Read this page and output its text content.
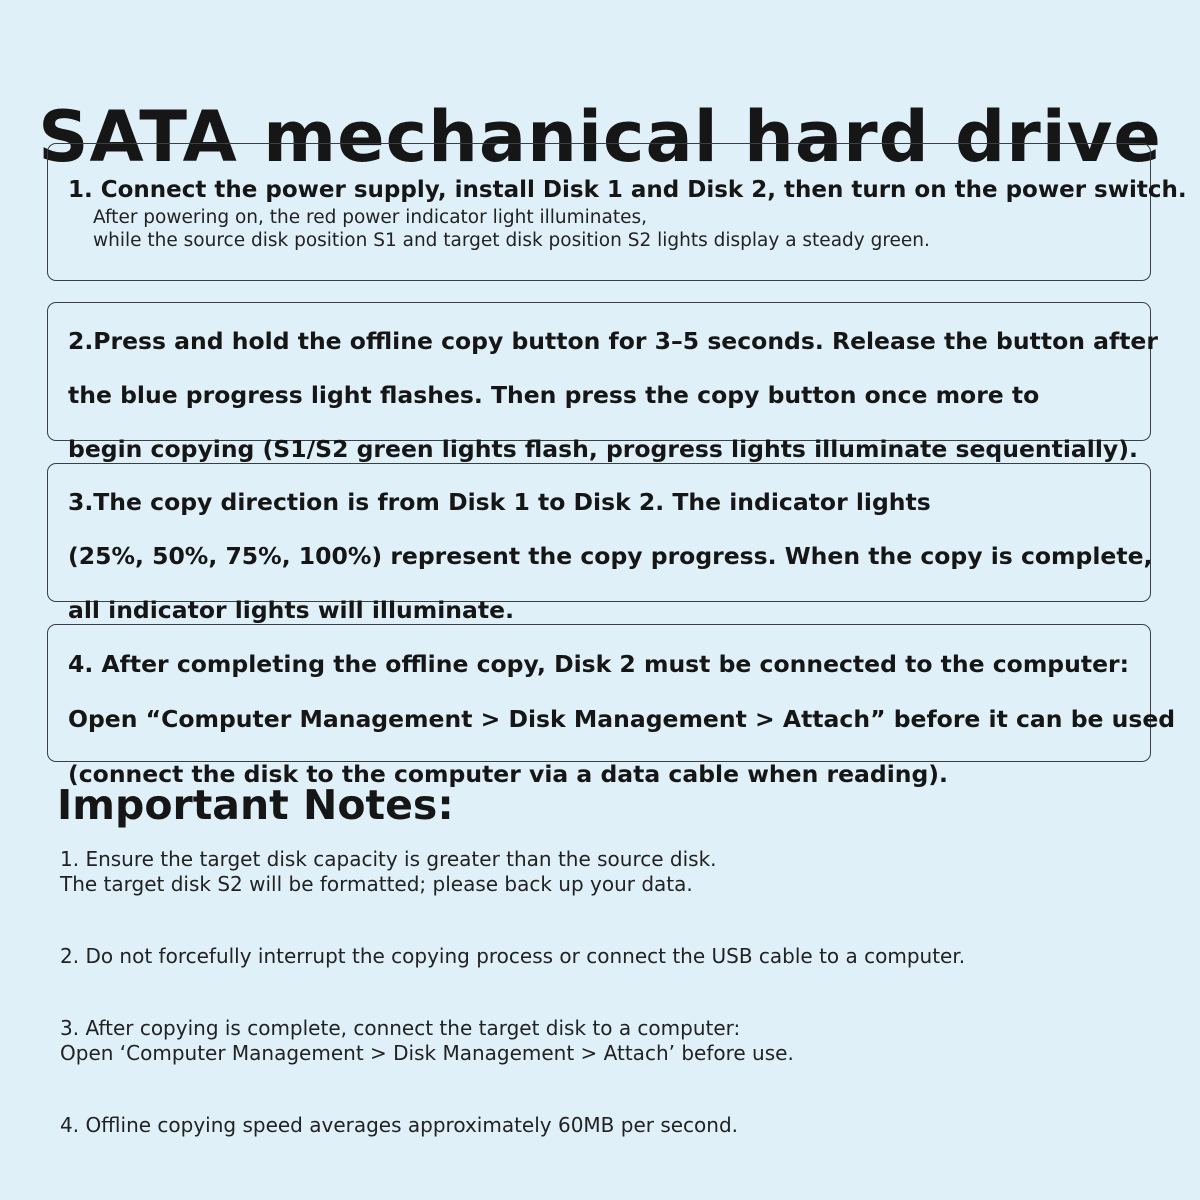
SATA mechanical hard drive

1. Connect the power supply, install Disk 1 and Disk 2, then turn on the power switch.

After powering on, the red power indicator light illuminates,

while the source disk position S1 and target disk position S2 lights display a steady green.

2.Press and hold the offline copy button for 3–5 seconds. Release the button after

the blue progress light flashes. Then press the copy button once more to

begin copying (S1/S2 green lights flash, progress lights illuminate sequentially).

3.The copy direction is from Disk 1 to Disk 2. The indicator lights

(25%, 50%, 75%, 100%) represent the copy progress. When the copy is complete,

all indicator lights will illuminate.

4. After completing the offline copy, Disk 2 must be connected to the computer:

Open “Computer Management > Disk Management > Attach” before it can be used

(connect the disk to the computer via a data cable when reading).

Important Notes:
1. Ensure the target disk capacity is greater than the source disk.
The target disk S2 will be formatted; please back up your data.
2. Do not forcefully interrupt the copying process or connect the USB cable to a computer.
3. After copying is complete, connect the target disk to a computer:
Open ‘Computer Management > Disk Management > Attach’ before use.
4. Offline copying speed averages approximately 60MB per second.
